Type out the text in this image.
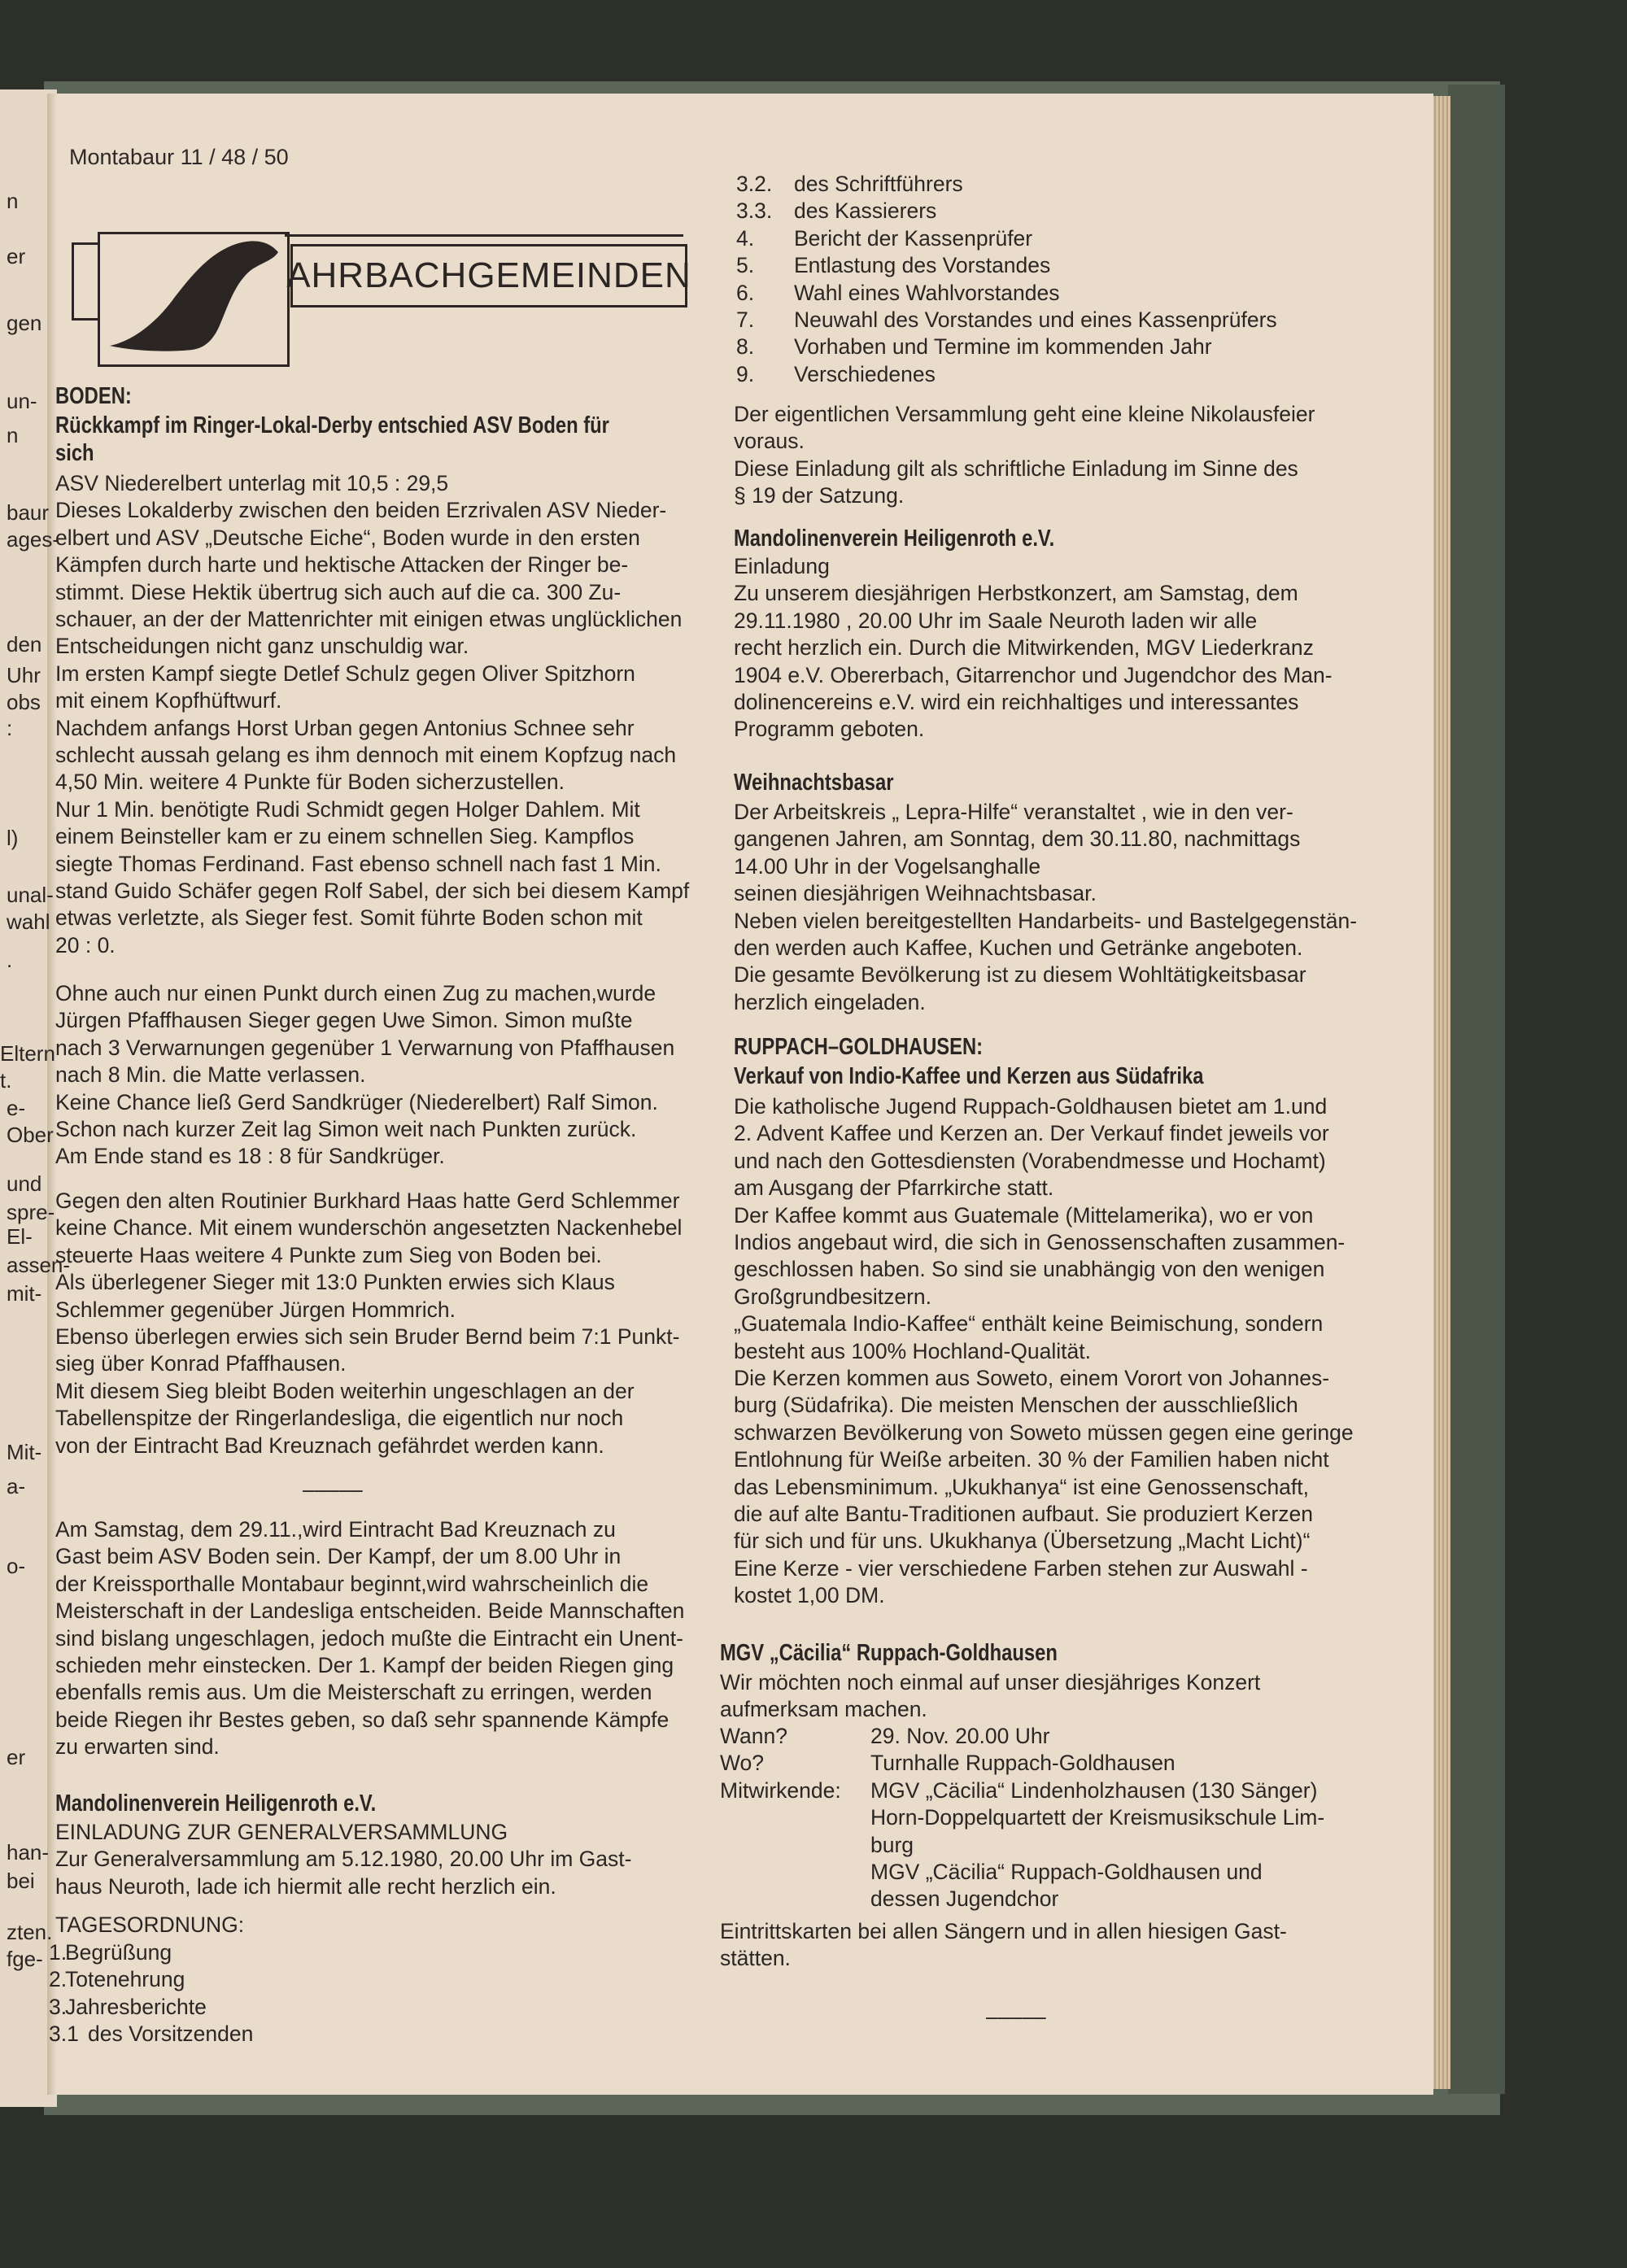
n
er
gen
un-
n
baur
ages-
den
Uhr
obs
:
l)
unal-
wahl
.
Eltern
t.
e-
Ober
und
spre-
El-
assen-
mit-
Mit-
a-
o-
er
han-
bei
zten.
fge-
Montabaur 11 / 48 / 50
AHRBACHGEMEINDEN
BODEN:
Rückkampf im Ringer-Lokal-Derby entschied ASV Boden für
sich
ASV Niederelbert unterlag mit 10,5 : 29,5
Dieses Lokalderby zwischen den beiden Erzrivalen ASV Nieder-
elbert und ASV „Deutsche Eiche“, Boden wurde in den ersten
Kämpfen durch harte und hektische Attacken der Ringer be-
stimmt. Diese Hektik übertrug sich auch auf die ca. 300 Zu-
schauer, an der der Mattenrichter mit einigen etwas unglücklichen
Entscheidungen nicht ganz unschuldig war.
Im ersten Kampf siegte Detlef Schulz gegen Oliver Spitzhorn
mit einem Kopfhüftwurf.
Nachdem anfangs Horst Urban gegen Antonius Schnee sehr
schlecht aussah gelang es ihm dennoch mit einem Kopfzug nach
4,50 Min. weitere 4 Punkte für Boden sicherzustellen.
Nur 1 Min. benötigte Rudi Schmidt gegen Holger Dahlem. Mit
einem Beinsteller kam er zu einem schnellen Sieg. Kampflos
siegte Thomas Ferdinand. Fast ebenso schnell nach fast 1 Min.
stand Guido Schäfer gegen Rolf Sabel, der sich bei diesem Kampf
etwas verletzte, als Sieger fest. Somit führte Boden schon mit
20 : 0.
Ohne auch nur einen Punkt durch einen Zug zu machen,wurde
Jürgen Pfaffhausen Sieger gegen Uwe Simon. Simon mußte
nach 3 Verwarnungen gegenüber 1 Verwarnung von Pfaffhausen
nach 8 Min. die Matte verlassen.
Keine Chance ließ Gerd Sandkrüger (Niederelbert) Ralf Simon.
Schon nach kurzer Zeit lag Simon weit nach Punkten zurück.
Am Ende stand es 18 : 8 für Sandkrüger.
Gegen den alten Routinier Burkhard Haas hatte Gerd Schlemmer
keine Chance. Mit einem wunderschön angesetzten Nackenhebel
steuerte Haas weitere 4 Punkte zum Sieg von Boden bei.
Als überlegener Sieger mit 13:0 Punkten erwies sich Klaus
Schlemmer gegenüber Jürgen Hommrich.
Ebenso überlegen erwies sich sein Bruder Bernd beim 7:1 Punkt-
sieg über Konrad Pfaffhausen.
Mit diesem Sieg bleibt Boden weiterhin ungeschlagen an der
Tabellenspitze der Ringerlandesliga, die eigentlich nur noch
von der Eintracht Bad Kreuznach gefährdet werden kann.
–––––
Am Samstag, dem 29.11.,wird Eintracht Bad Kreuznach zu
Gast beim ASV Boden sein. Der Kampf, der um 8.00 Uhr in
der Kreissporthalle Montabaur beginnt,wird wahrscheinlich die
Meisterschaft in der Landesliga entscheiden. Beide Mannschaften
sind bislang ungeschlagen, jedoch mußte die Eintracht ein Unent-
schieden mehr einstecken. Der 1. Kampf der beiden Riegen ging
ebenfalls remis aus. Um die Meisterschaft zu erringen, werden
beide Riegen ihr Bestes geben, so daß sehr spannende Kämpfe
zu erwarten sind.
Mandolinenverein Heiligenroth e.V.
EINLADUNG ZUR GENERALVERSAMMLUNG
Zur Generalversammlung am 5.12.1980, 20.00 Uhr im Gast-
haus Neuroth, lade ich hiermit alle recht herzlich ein.
TAGESORDNUNG:
1.
Begrüßung
2.
Totenehrung
3.
Jahresberichte
3.1 des Vorsitzenden
3.2. des Schriftführers
3.3. des Kassierers
4. Bericht der Kassenprüfer
5. Entlastung des Vorstandes
6. Wahl eines Wahlvorstandes
7. Neuwahl des Vorstandes und eines Kassenprüfers
8. Vorhaben und Termine im kommenden Jahr
9. Verschiedenes
Der eigentlichen Versammlung geht eine kleine Nikolausfeier
voraus.
Diese Einladung gilt als schriftliche Einladung im Sinne des
§ 19 der Satzung.
Mandolinenverein Heiligenroth e.V.
Einladung
Zu unserem diesjährigen Herbstkonzert, am Samstag, dem
29.11.1980 , 20.00 Uhr im Saale Neuroth laden wir alle
recht herzlich ein. Durch die Mitwirkenden, MGV Liederkranz
1904 e.V. Obererbach, Gitarrenchor und Jugendchor des Man-
dolinencereins e.V. wird ein reichhaltiges und interessantes
Programm geboten.
Weihnachtsbasar
Der Arbeitskreis „ Lepra-Hilfe“ veranstaltet , wie in den ver-
gangenen Jahren, am Sonntag, dem 30.11.80, nachmittags
14.00 Uhr in der Vogelsanghalle
seinen diesjährigen Weihnachtsbasar.
Neben vielen bereitgestellten Handarbeits- und Bastelgegenstän-
den werden auch Kaffee, Kuchen und Getränke angeboten.
Die gesamte Bevölkerung ist zu diesem Wohltätigkeitsbasar
herzlich eingeladen.
RUPPACH–GOLDHAUSEN:
Verkauf von Indio-Kaffee und Kerzen aus Südafrika
Die katholische Jugend Ruppach-Goldhausen bietet am 1.und
2. Advent Kaffee und Kerzen an. Der Verkauf findet jeweils vor
und nach den Gottesdiensten (Vorabendmesse und Hochamt)
am Ausgang der Pfarrkirche statt.
Der Kaffee kommt aus Guatemale (Mittelamerika), wo er von
Indios angebaut wird, die sich in Genossenschaften zusammen-
geschlossen haben. So sind sie unabhängig von den wenigen
Großgrundbesitzern.
„Guatemala Indio-Kaffee“ enthält keine Beimischung, sondern
besteht aus 100% Hochland-Qualität.
Die Kerzen kommen aus Soweto, einem Vorort von Johannes-
burg (Südafrika). Die meisten Menschen der ausschließlich
schwarzen Bevölkerung von Soweto müssen gegen eine geringe
Entlohnung für Weiße arbeiten. 30 % der Familien haben nicht
das Lebensminimum. „Ukukhanya“ ist eine Genossenschaft,
die auf alte Bantu-Traditionen aufbaut. Sie produziert Kerzen
für sich und für uns. Ukukhanya (Übersetzung „Macht Licht)“
Eine Kerze - vier verschiedene Farben stehen zur Auswahl -
kostet 1,00 DM.
MGV „Cäcilia“ Ruppach-Goldhausen
Wir möchten noch einmal auf unser diesjähriges Konzert
aufmerksam machen.
Wann?	29. Nov. 20.00 Uhr
Wo?	Turnhalle Ruppach-Goldhausen
Mitwirkende: MGV „Cäcilia“ Lindenholzhausen (130 Sänger)
Horn-Doppelquartett der Kreismusikschule Lim-
burg
MGV „Cäcilia“ Ruppach-Goldhausen und
dessen Jugendchor
Eintrittskarten bei allen Sängern und in allen hiesigen Gast-
stätten.
–––––
